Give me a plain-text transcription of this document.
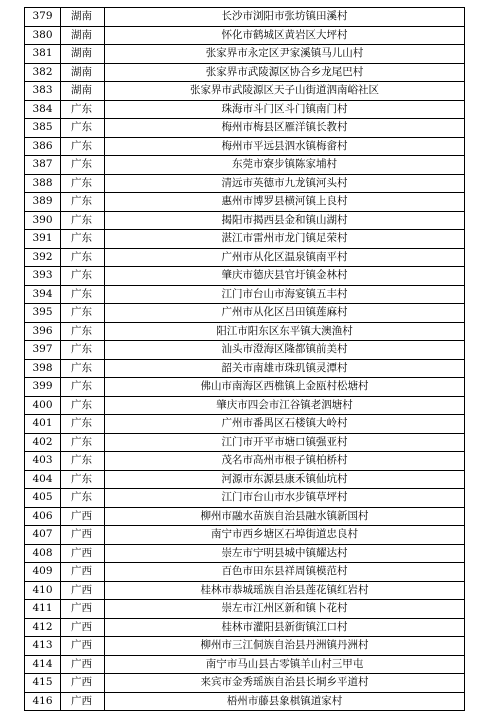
379	湖南	长沙市浏阳市张坊镇田溪村
380	湖南	怀化市鹤城区黄岩区大坪村
381	湖南	张家界市永定区尹家溪镇马儿山村
382	湖南	张家界市武陵源区协合乡龙尾巴村
383	湖南	张家界市武陵源区天子山街道泗南峪社区
384	广东	珠海市斗门区斗门镇南门村
385	广东	梅州市梅县区雁洋镇长教村
386	广东	梅州市平远县泗水镇梅畲村
387	广东	东莞市寮步镇陈家埔村
388	广东	清远市英德市九龙镇河头村
389	广东	惠州市博罗县横河镇上良村
390	广东	揭阳市揭西县金和镇山湖村
391	广东	湛江市雷州市龙门镇足荣村
392	广东	广州市从化区温泉镇南平村
393	广东	肇庆市德庆县官圩镇金林村
394	广东	江门市台山市海宴镇五丰村
395	广东	广州市从化区吕田镇莲麻村
396	广东	阳江市阳东区东平镇大澳渔村
397	广东	汕头市澄海区隆都镇前美村
398	广东	韶关市南雄市珠玑镇灵潭村
399	广东	佛山市南海区西樵镇上金瓯村松塘村
400	广东	肇庆市四会市江谷镇老泗塘村
401	广东	广州市番禺区石楼镇大岭村
402	广东	江门市开平市塘口镇强亚村
403	广东	茂名市高州市根子镇柏桥村
404	广东	河源市东源县康禾镇仙坑村
405	广东	江门市台山市水步镇草坪村
406	广西	柳州市融水苗族自治县融水镇新国村
407	广西	南宁市西乡塘区石埠街道忠良村
408	广西	崇左市宁明县城中镇耀达村
409	广西	百色市田东县祥周镇模范村
410	广西	桂林市恭城瑶族自治县莲花镇红岩村
411	广西	崇左市江州区新和镇卜花村
412	广西	桂林市灌阳县新街镇江口村
413	广西	柳州市三江侗族自治县丹洲镇丹洲村
414	广西	南宁市马山县古零镇羊山村三甲屯
415	广西	来宾市金秀瑶族自治县长垌乡平道村
416	广西	梧州市藤县象棋镇道家村
